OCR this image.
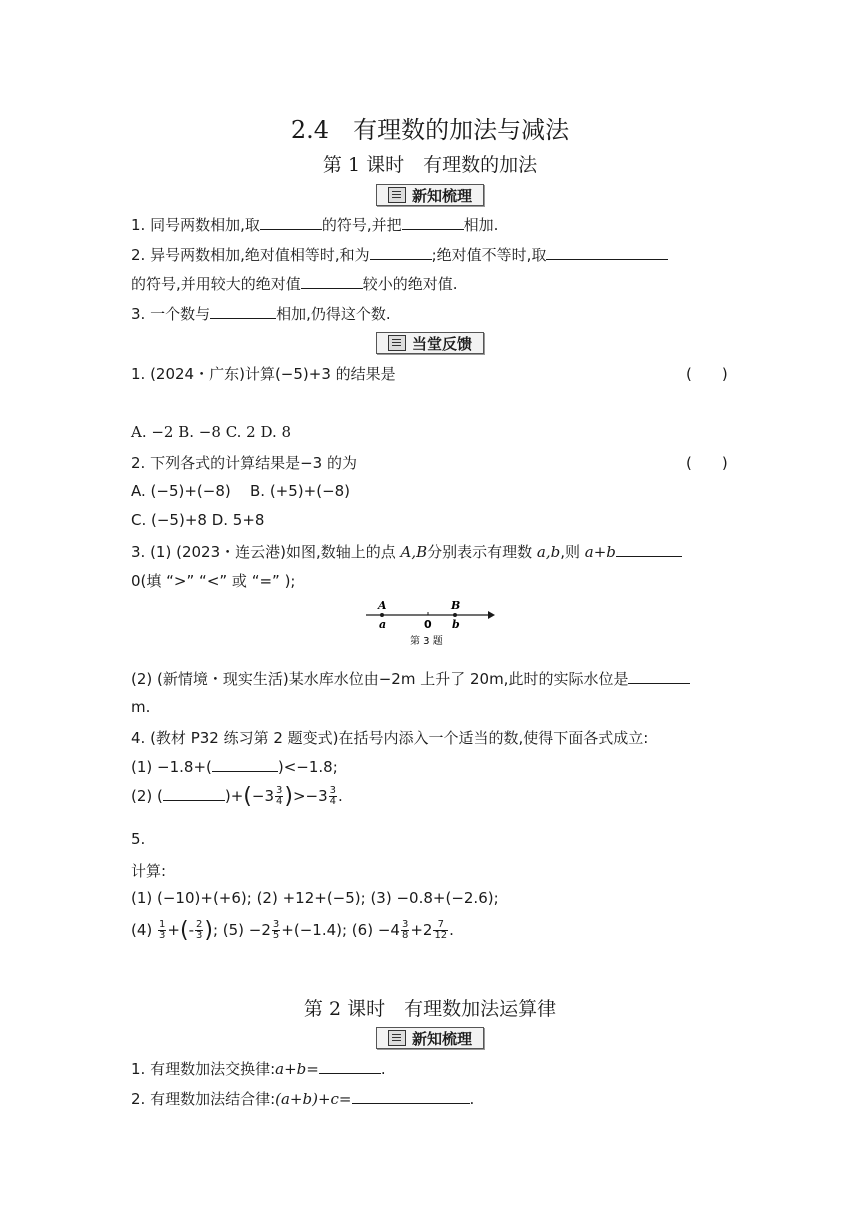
2.4　有理数的加法与减法
第 1 课时　有理数的加法
新知梳理
1. 同号两数相加,取	的符号,并把	相加.
2. 异号两数相加,绝对值相等时,和为	;绝对值不等时,取
的符号,并用较大的绝对值	较小的绝对值.
3. 一个数与	相加,仍得这个数.
当堂反馈
1. (2024・广东)计算(−5)+3 的结果是	(　　)
A. −2 B. −8 C. 2 D. 8
2. 下列各式的计算结果是−3 的为	(　　)
A. (−5)+(−8) B. (+5)+(−8)
C. (−5)+8 D. 5+8
3. (1) (2023・连云港)如图,数轴上的点 A,B分别表示有理数 a,b,则 a+b
0(填 “>” “<” 或 “=” );
A	B
a	0 b
第 3 题
(2) (新情境・现实生活)某水库水位由−2m 上升了 20m,此时的实际水位是
m.
4. (教材 P32 练习第 2 题变式)在括号内添入一个适当的数,使得下面各式成立:
(1) −1.8+(	)<−1.8;
(2) (	)$+(-3 \frac{3}{4} )>-3 \frac{3}{4}$ .
5.
计算:
(1) (−10)+(+6); (2) +12+(−5); (3) −0.8+(−2.6);
$(4) \frac{1}{3}$ +(- $\frac{2}{3}$ ); $(5) -2 \frac{3}{5} +(-1.4)$; $(6) -4 \frac{3}{8} +2 \frac{7}{12}$ .
第 2 课时　有理数加法运算律
新知梳理
1. 有理数加法交换律:a+b=	.
2. 有理数加法结合律:(a+b)+c=	.
